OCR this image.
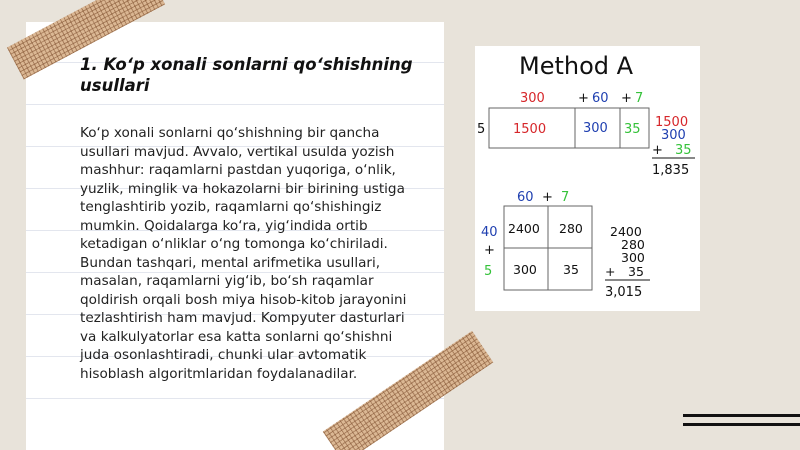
1. Ko‘p xonali sonlarni qo‘shishning usullari

Ko‘p xonali sonlarni qo‘shishning bir qancha usullari mavjud. Avvalo, vertikal usulda yozish mashhur: raqamlarni pastdan yuqoriga, o‘nlik, yuzlik, minglik va hokazolarni bir birining ustiga tenglashtirib yozib, raqamlarni qo‘shishingiz mumkin. Qoidalarga ko‘ra, yig‘indida ortib ketadigan o‘nliklar o‘ng tomonga ko‘chiriladi. Bundan tashqari, mental arifmetika usullari, masalan, raqamlarni yig‘ib, bo‘sh raqamlar qoldirish orqali bosh miya hisob-kitob jarayonini tezlashtirish ham mavjud. Kompyuter dasturlari va kalkulyatorlar esa katta sonlarni qo‘shishni juda osonlashtiradi, chunki ular avtomatik hisoblash algoritmlaridan foydalanadilar.

Method A
300	+ 60 + 7
5 1500	300 35 1500
300
+ 35
1,835
60 + 7
40
+
5
2400 280
300 35
2400
280
300
+ 35
3,015
